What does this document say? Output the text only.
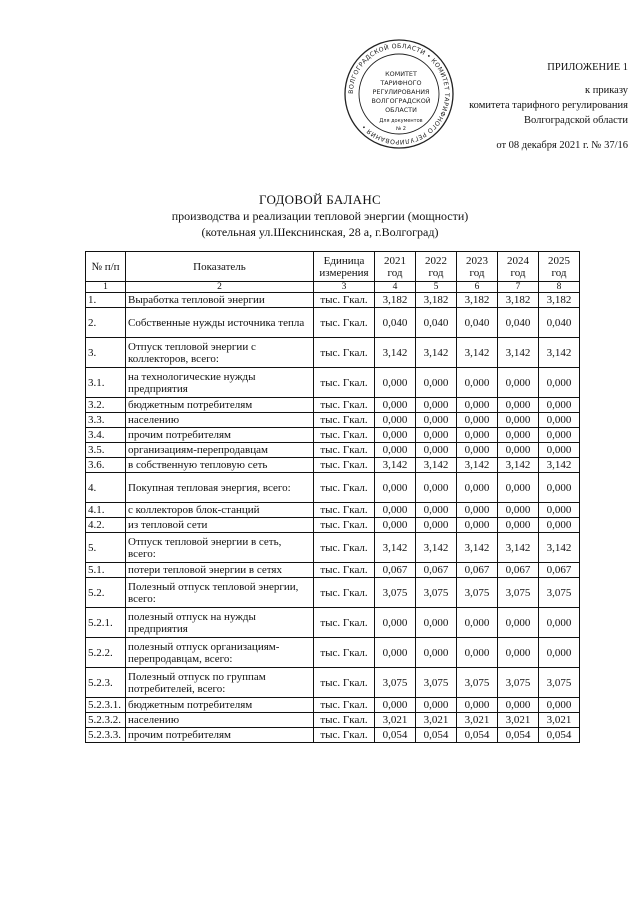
ВОЛГОГРАДСКОЙ ОБЛАСТИ • КОМИТЕТ ТАРИФНОГО РЕГУЛИРОВАНИЯ •
КОМИТЕТ
ТАРИФНОГО
РЕГУЛИРОВАНИЯ
ВОЛГОГРАДСКОЙ
ОБЛАСТИ
Для документов
№ 2
ПРИЛОЖЕНИЕ 1
к приказу
комитета тарифного регулирования
Волгоградской области
от 08 декабря 2021 г. № 37/16
ГОДОВОЙ БАЛАНС
производства и реализации тепловой энергии (мощности)
(котельная ул.Шекснинская, 28 а, г.Волгоград)
№ п/п	Показатель	Единица измерения	2021 год	2022 год	2023 год	2024 год	2025 год
1	2	3	4	5	6	7	8
1.	Выработка тепловой энергии	тыс. Гкал.	3,182	3,182	3,182	3,182	3,182
2.	Собственные нужды источника тепла	тыс. Гкал.	0,040	0,040	0,040	0,040	0,040
3.	Отпуск тепловой энергии с коллекторов, всего:	тыс. Гкал.	3,142	3,142	3,142	3,142	3,142
3.1.	на технологические нужды предприятия	тыс. Гкал.	0,000	0,000	0,000	0,000	0,000
3.2.	бюджетным потребителям	тыс. Гкал.	0,000	0,000	0,000	0,000	0,000
3.3.	населению	тыс. Гкал.	0,000	0,000	0,000	0,000	0,000
3.4.	прочим потребителям	тыс. Гкал.	0,000	0,000	0,000	0,000	0,000
3.5.	организациям-перепродавцам	тыс. Гкал.	0,000	0,000	0,000	0,000	0,000
3.6.	в собственную тепловую сеть	тыс. Гкал.	3,142	3,142	3,142	3,142	3,142
4.	Покупная тепловая энергия, всего:	тыс. Гкал.	0,000	0,000	0,000	0,000	0,000
4.1.	с коллекторов блок-станций	тыс. Гкал.	0,000	0,000	0,000	0,000	0,000
4.2.	из тепловой сети	тыс. Гкал.	0,000	0,000	0,000	0,000	0,000
5.	Отпуск тепловой энергии в сеть, всего:	тыс. Гкал.	3,142	3,142	3,142	3,142	3,142
5.1.	потери тепловой энергии в сетях	тыс. Гкал.	0,067	0,067	0,067	0,067	0,067
5.2.	Полезный отпуск тепловой энергии, всего:	тыс. Гкал.	3,075	3,075	3,075	3,075	3,075
5.2.1.	полезный отпуск на нужды предприятия	тыс. Гкал.	0,000	0,000	0,000	0,000	0,000
5.2.2.	полезный отпуск организациям-перепродавцам, всего:	тыс. Гкал.	0,000	0,000	0,000	0,000	0,000
5.2.3.	Полезный отпуск по группам потребителей, всего:	тыс. Гкал.	3,075	3,075	3,075	3,075	3,075
5.2.3.1.	бюджетным потребителям	тыс. Гкал.	0,000	0,000	0,000	0,000	0,000
5.2.3.2.	населению	тыс. Гкал.	3,021	3,021	3,021	3,021	3,021
5.2.3.3.	прочим потребителям	тыс. Гкал.	0,054	0,054	0,054	0,054	0,054
